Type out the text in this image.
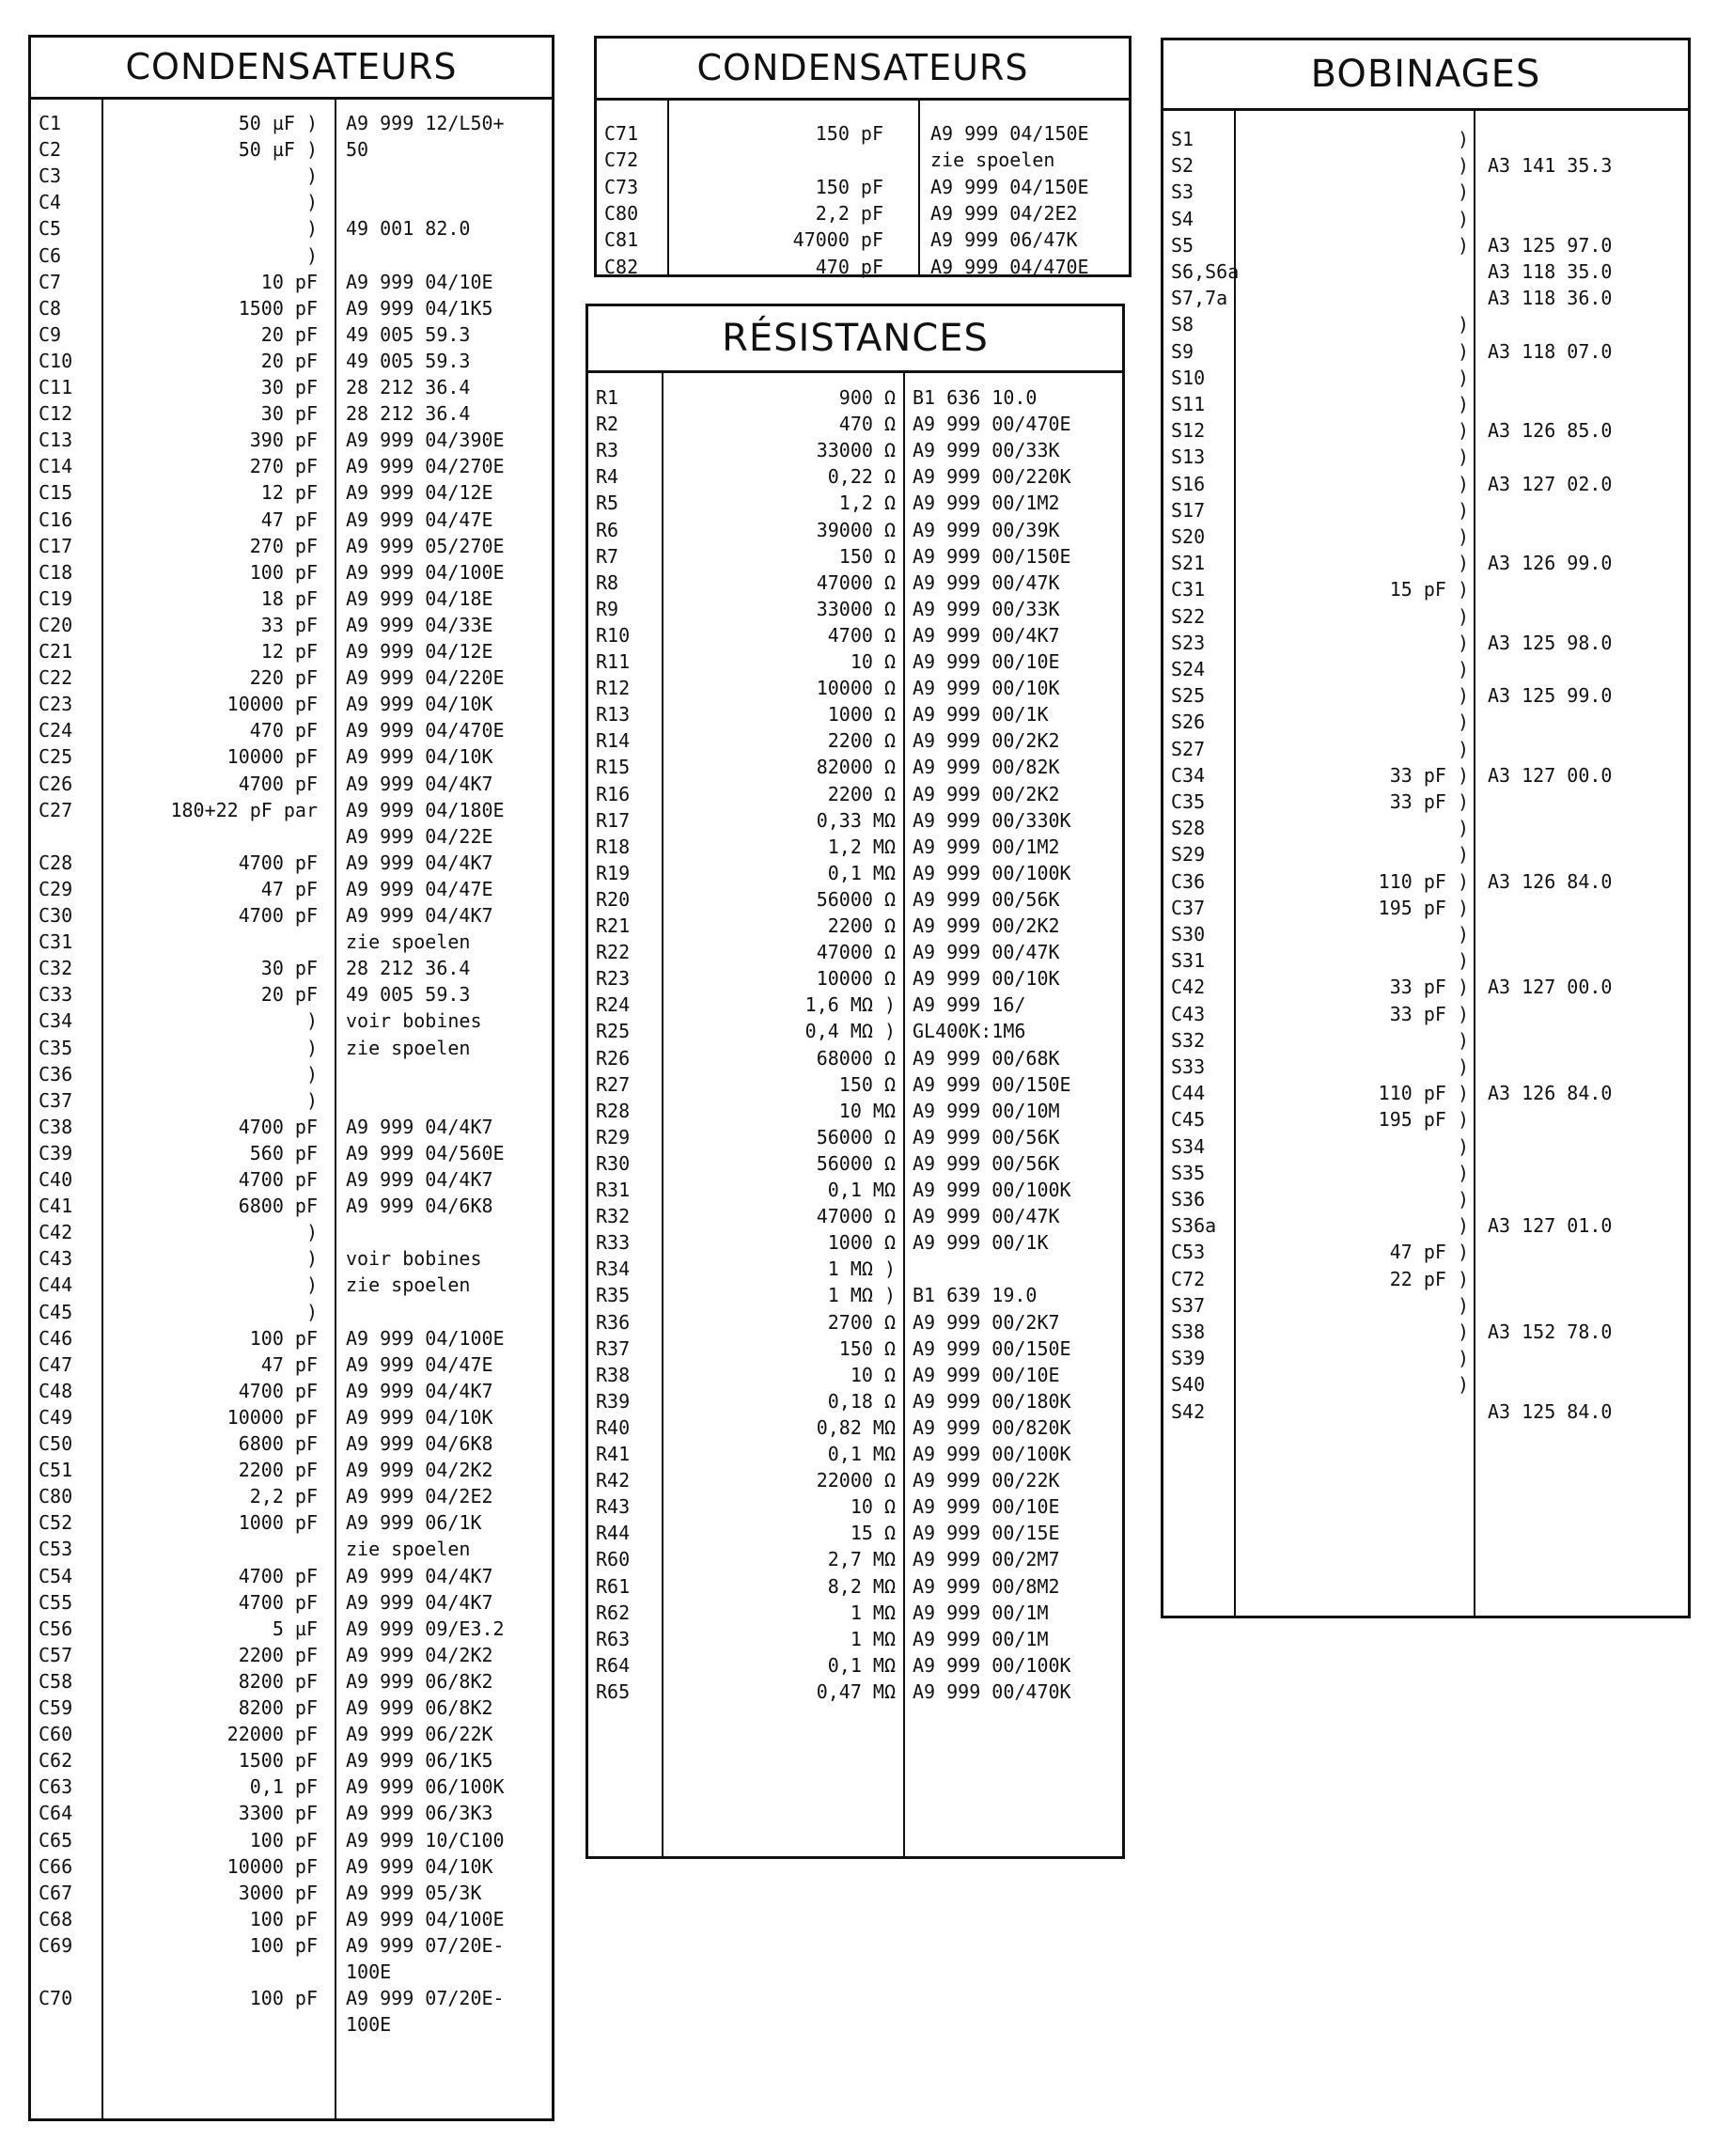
CONDENSATEURS
C1	50 µF ) A9 999 12/L50+
C2	50 µF ) 50
C3	)
C4	)
C5	) 49 001 82.0
C6	)
C7	10 pF A9 999 04/10E
C8	1500 pF A9 999 04/1K5
C9	20 pF 49 005 59.3
C10	20 pF 49 005 59.3
C11	30 pF 28 212 36.4
C12	30 pF 28 212 36.4
C13	390 pF A9 999 04/390E
C14	270 pF A9 999 04/270E
C15	12 pF A9 999 04/12E
C16	47 pF A9 999 04/47E
C17	270 pF A9 999 05/270E
C18	100 pF A9 999 04/100E
C19	18 pF A9 999 04/18E
C20	33 pF A9 999 04/33E
C21	12 pF A9 999 04/12E
C22	220 pF A9 999 04/220E
C23	10000 pF A9 999 04/10K
C24	470 pF A9 999 04/470E
C25	10000 pF A9 999 04/10K
C26	4700 pF A9 999 04/4K7
C27	180+22 pF par A9 999 04/180E
A9 999 04/22E
C28	4700 pF A9 999 04/4K7
C29	47 pF A9 999 04/47E
C30	4700 pF A9 999 04/4K7
C31	zie spoelen
C32	30 pF 28 212 36.4
C33	20 pF 49 005 59.3
C34	) voir bobines
C35	) zie spoelen
C36	)
C37	)
C38	4700 pF A9 999 04/4K7
C39	560 pF A9 999 04/560E
C40	4700 pF A9 999 04/4K7
C41	6800 pF A9 999 04/6K8
C42	)
C43	) voir bobines
C44	) zie spoelen
C45	)
C46	100 pF A9 999 04/100E
C47	47 pF A9 999 04/47E
C48	4700 pF A9 999 04/4K7
C49	10000 pF A9 999 04/10K
C50	6800 pF A9 999 04/6K8
C51	2200 pF A9 999 04/2K2
C80	2,2 pF A9 999 04/2E2
C52	1000 pF A9 999 06/1K
C53	zie spoelen
C54	4700 pF A9 999 04/4K7
C55	4700 pF A9 999 04/4K7
C56	5 µF A9 999 09/E3.2
C57	2200 pF A9 999 04/2K2
C58	8200 pF A9 999 06/8K2
C59	8200 pF A9 999 06/8K2
C60	22000 pF A9 999 06/22K
C62	1500 pF A9 999 06/1K5
C63	0,1 pF A9 999 06/100K
C64	3300 pF A9 999 06/3K3
C65	100 pF A9 999 10/C100
C66	10000 pF A9 999 04/10K
C67	3000 pF A9 999 05/3K
C68	100 pF A9 999 04/100E
C69	100 pF A9 999 07/20E-
100E
C70	100 pF A9 999 07/20E-
100E
CONDENSATEURS
C71	150 pF	A9 999 04/150E
C72	zie spoelen
C73	150 pF	A9 999 04/150E
C80	2,2 pF	A9 999 04/2E2
C81	47000 pF	A9 999 06/47K
C82	470 pF	A9 999 04/470E
RÉSISTANCES
R1	900 Ω B1 636 10.0
R2	470 Ω A9 999 00/470E
R3	33000 Ω A9 999 00/33K
R4	0,22 Ω A9 999 00/220K
R5	1,2 Ω A9 999 00/1M2
R6	39000 Ω A9 999 00/39K
R7	150 Ω A9 999 00/150E
R8	47000 Ω A9 999 00/47K
R9	33000 Ω A9 999 00/33K
R10	4700 Ω A9 999 00/4K7
R11	10 Ω A9 999 00/10E
R12	10000 Ω A9 999 00/10K
R13	1000 Ω A9 999 00/1K
R14	2200 Ω A9 999 00/2K2
R15	82000 Ω A9 999 00/82K
R16	2200 Ω A9 999 00/2K2
R17	0,33 MΩ A9 999 00/330K
R18	1,2 MΩ A9 999 00/1M2
R19	0,1 MΩ A9 999 00/100K
R20	56000 Ω A9 999 00/56K
R21	2200 Ω A9 999 00/2K2
R22	47000 Ω A9 999 00/47K
R23	10000 Ω A9 999 00/10K
R24	1,6 MΩ ) A9 999 16/
R25	0,4 MΩ ) GL400K:1M6
R26	68000 Ω A9 999 00/68K
R27	150 Ω A9 999 00/150E
R28	10 MΩ A9 999 00/10M
R29	56000 Ω A9 999 00/56K
R30	56000 Ω A9 999 00/56K
R31	0,1 MΩ A9 999 00/100K
R32	47000 Ω A9 999 00/47K
R33	1000 Ω A9 999 00/1K
R34	1 MΩ )
R35	1 MΩ ) B1 639 19.0
R36	2700 Ω A9 999 00/2K7
R37	150 Ω A9 999 00/150E
R38	10 Ω A9 999 00/10E
R39	0,18 Ω A9 999 00/180K
R40	0,82 MΩ A9 999 00/820K
R41	0,1 MΩ A9 999 00/100K
R42	22000 Ω A9 999 00/22K
R43	10 Ω A9 999 00/10E
R44	15 Ω A9 999 00/15E
R60	2,7 MΩ A9 999 00/2M7
R61	8,2 MΩ A9 999 00/8M2
R62	1 MΩ A9 999 00/1M
R63	1 MΩ A9 999 00/1M
R64	0,1 MΩ A9 999 00/100K
R65	0,47 MΩ A9 999 00/470K
BOBINAGES
S1	)
S2	) A3 141 35.3
S3	)
S4	)
S5	) A3 125 97.0
S6,S6a	A3 118 35.0
S7,7a	A3 118 36.0
S8	)
S9	) A3 118 07.0
S10	)
S11	)
S12	) A3 126 85.0
S13	)
S16	) A3 127 02.0
S17	)
S20	)
S21	) A3 126 99.0
C31	15 pF )
S22	)
S23	) A3 125 98.0
S24	)
S25	) A3 125 99.0
S26	)
S27	)
C34	33 pF ) A3 127 00.0
C35	33 pF )
S28	)
S29	)
C36	110 pF ) A3 126 84.0
C37	195 pF )
S30	)
S31	)
C42	33 pF ) A3 127 00.0
C43	33 pF )
S32	)
S33	)
C44	110 pF ) A3 126 84.0
C45	195 pF )
S34	)
S35	)
S36	)
S36a	) A3 127 01.0
C53	47 pF )
C72	22 pF )
S37	)
S38	) A3 152 78.0
S39	)
S40	)
S42	A3 125 84.0
